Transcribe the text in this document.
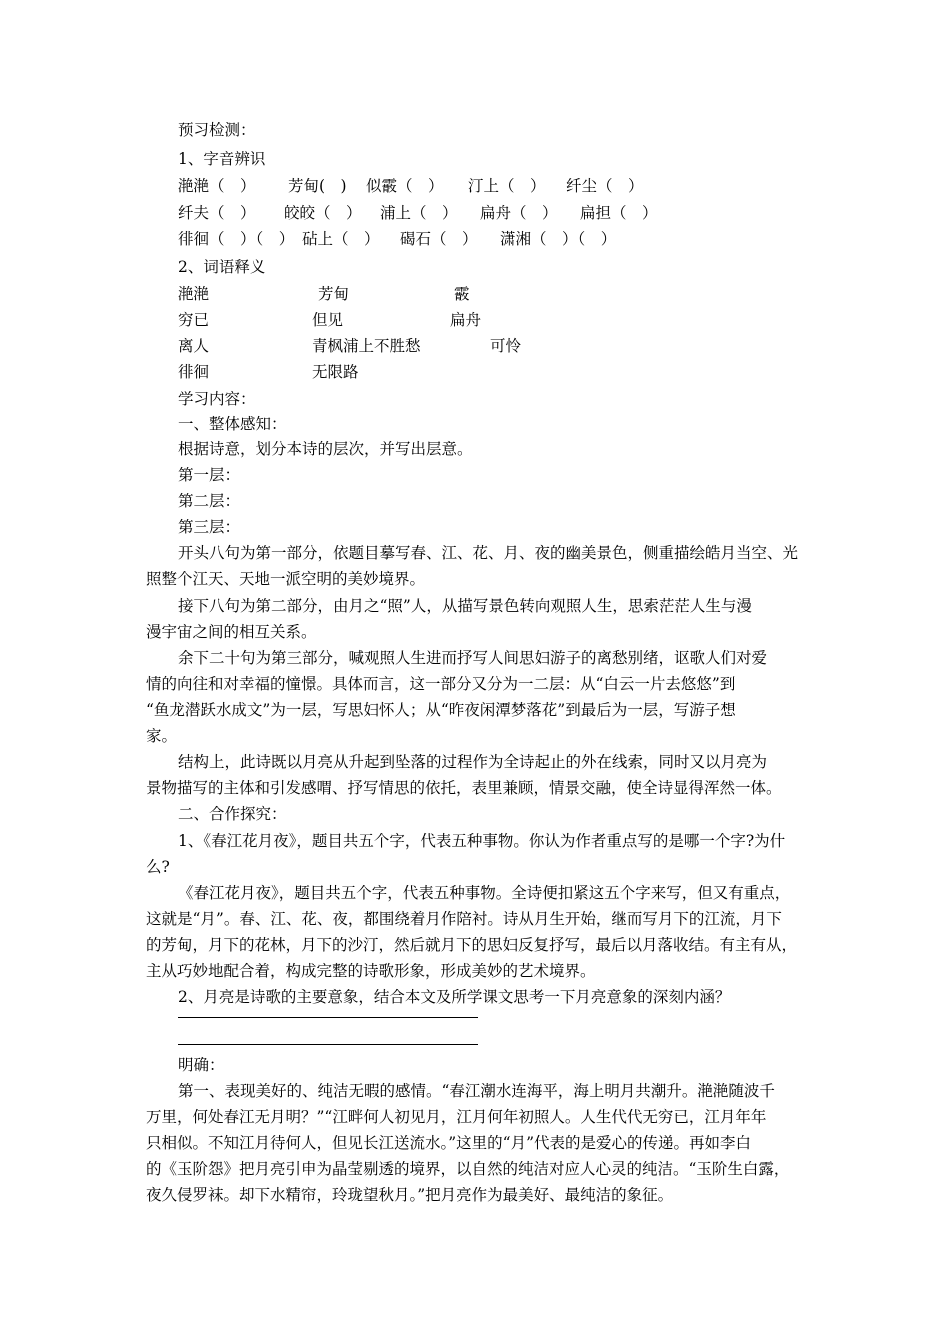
预习检测：
1、字音辨识
滟滟（　） 芳甸(　) 似霰（　） 汀上（　） 纤尘（　）
纤夫（　） 皎皎（　） 浦上（　） 扁舟（　） 扁担（　）
徘徊（　）（　） 砧上（　） 碣石（　） 潇湘（　）（　）
2、词语释义
滟滟	芳甸	霰
穷已	但见	扁舟
离人	青枫浦上不胜愁	可怜
徘徊	无限路
学习内容：
一、整体感知：
根据诗意，划分本诗的层次，并写出层意。
第一层：
第二层：
第三层：
开头八句为第一部分，依题目摹写春、江、花、月、夜的幽美景色，侧重描绘皓月当空、光
照整个江天、天地一派空明的美妙境界。
接下八句为第二部分，由月之“照”人，从描写景色转向观照人生，思索茫茫人生与漫
漫宇宙之间的相互关系。
余下二十句为第三部分，喊观照人生进而抒写人间思妇游子的离愁别绪，讴歌人们对爱
情的向往和对幸福的憧憬。具体而言，这一部分又分为一二层：从“白云一片去悠悠”到
“鱼龙潜跃水成文”为一层，写思妇怀人；从“昨夜闲潭梦落花”到最后为一层，写游子想
家。
结构上，此诗既以月亮从升起到坠落的过程作为全诗起止的外在线索，同时又以月亮为
景物描写的主体和引发感喟、抒写情思的依托，表里兼顾，情景交融，使全诗显得浑然一体。
二、合作探究：
1、《春江花月夜》，题目共五个字，代表五种事物。你认为作者重点写的是哪一个字?为什
么?
《春江花月夜》，题目共五个字，代表五种事物。全诗便扣紧这五个字来写，但又有重点，
这就是“月”。春、江、花、夜，都围绕着月作陪衬。诗从月生开始，继而写月下的江流，月下
的芳甸，月下的花林，月下的沙汀，然后就月下的思妇反复抒写，最后以月落收结。有主有从，
主从巧妙地配合着，构成完整的诗歌形象，形成美妙的艺术境界。
2、月亮是诗歌的主要意象，结合本文及所学课文思考一下月亮意象的深刻内涵？
明确：
第一、表现美好的、纯洁无暇的感情。“春江潮水连海平，海上明月共潮升。滟滟随波千
万里，何处春江无月明？”“江畔何人初见月，江月何年初照人。人生代代无穷已，江月年年
只相似。不知江月待何人，但见长江送流水。”这里的“月”代表的是爱心的传递。再如李白
的《玉阶怨》把月亮引申为晶莹剔透的境界，以自然的纯洁对应人心灵的纯洁。“玉阶生白露，
夜久侵罗袜。却下水精帘，玲珑望秋月。”把月亮作为最美好、最纯洁的象征。
